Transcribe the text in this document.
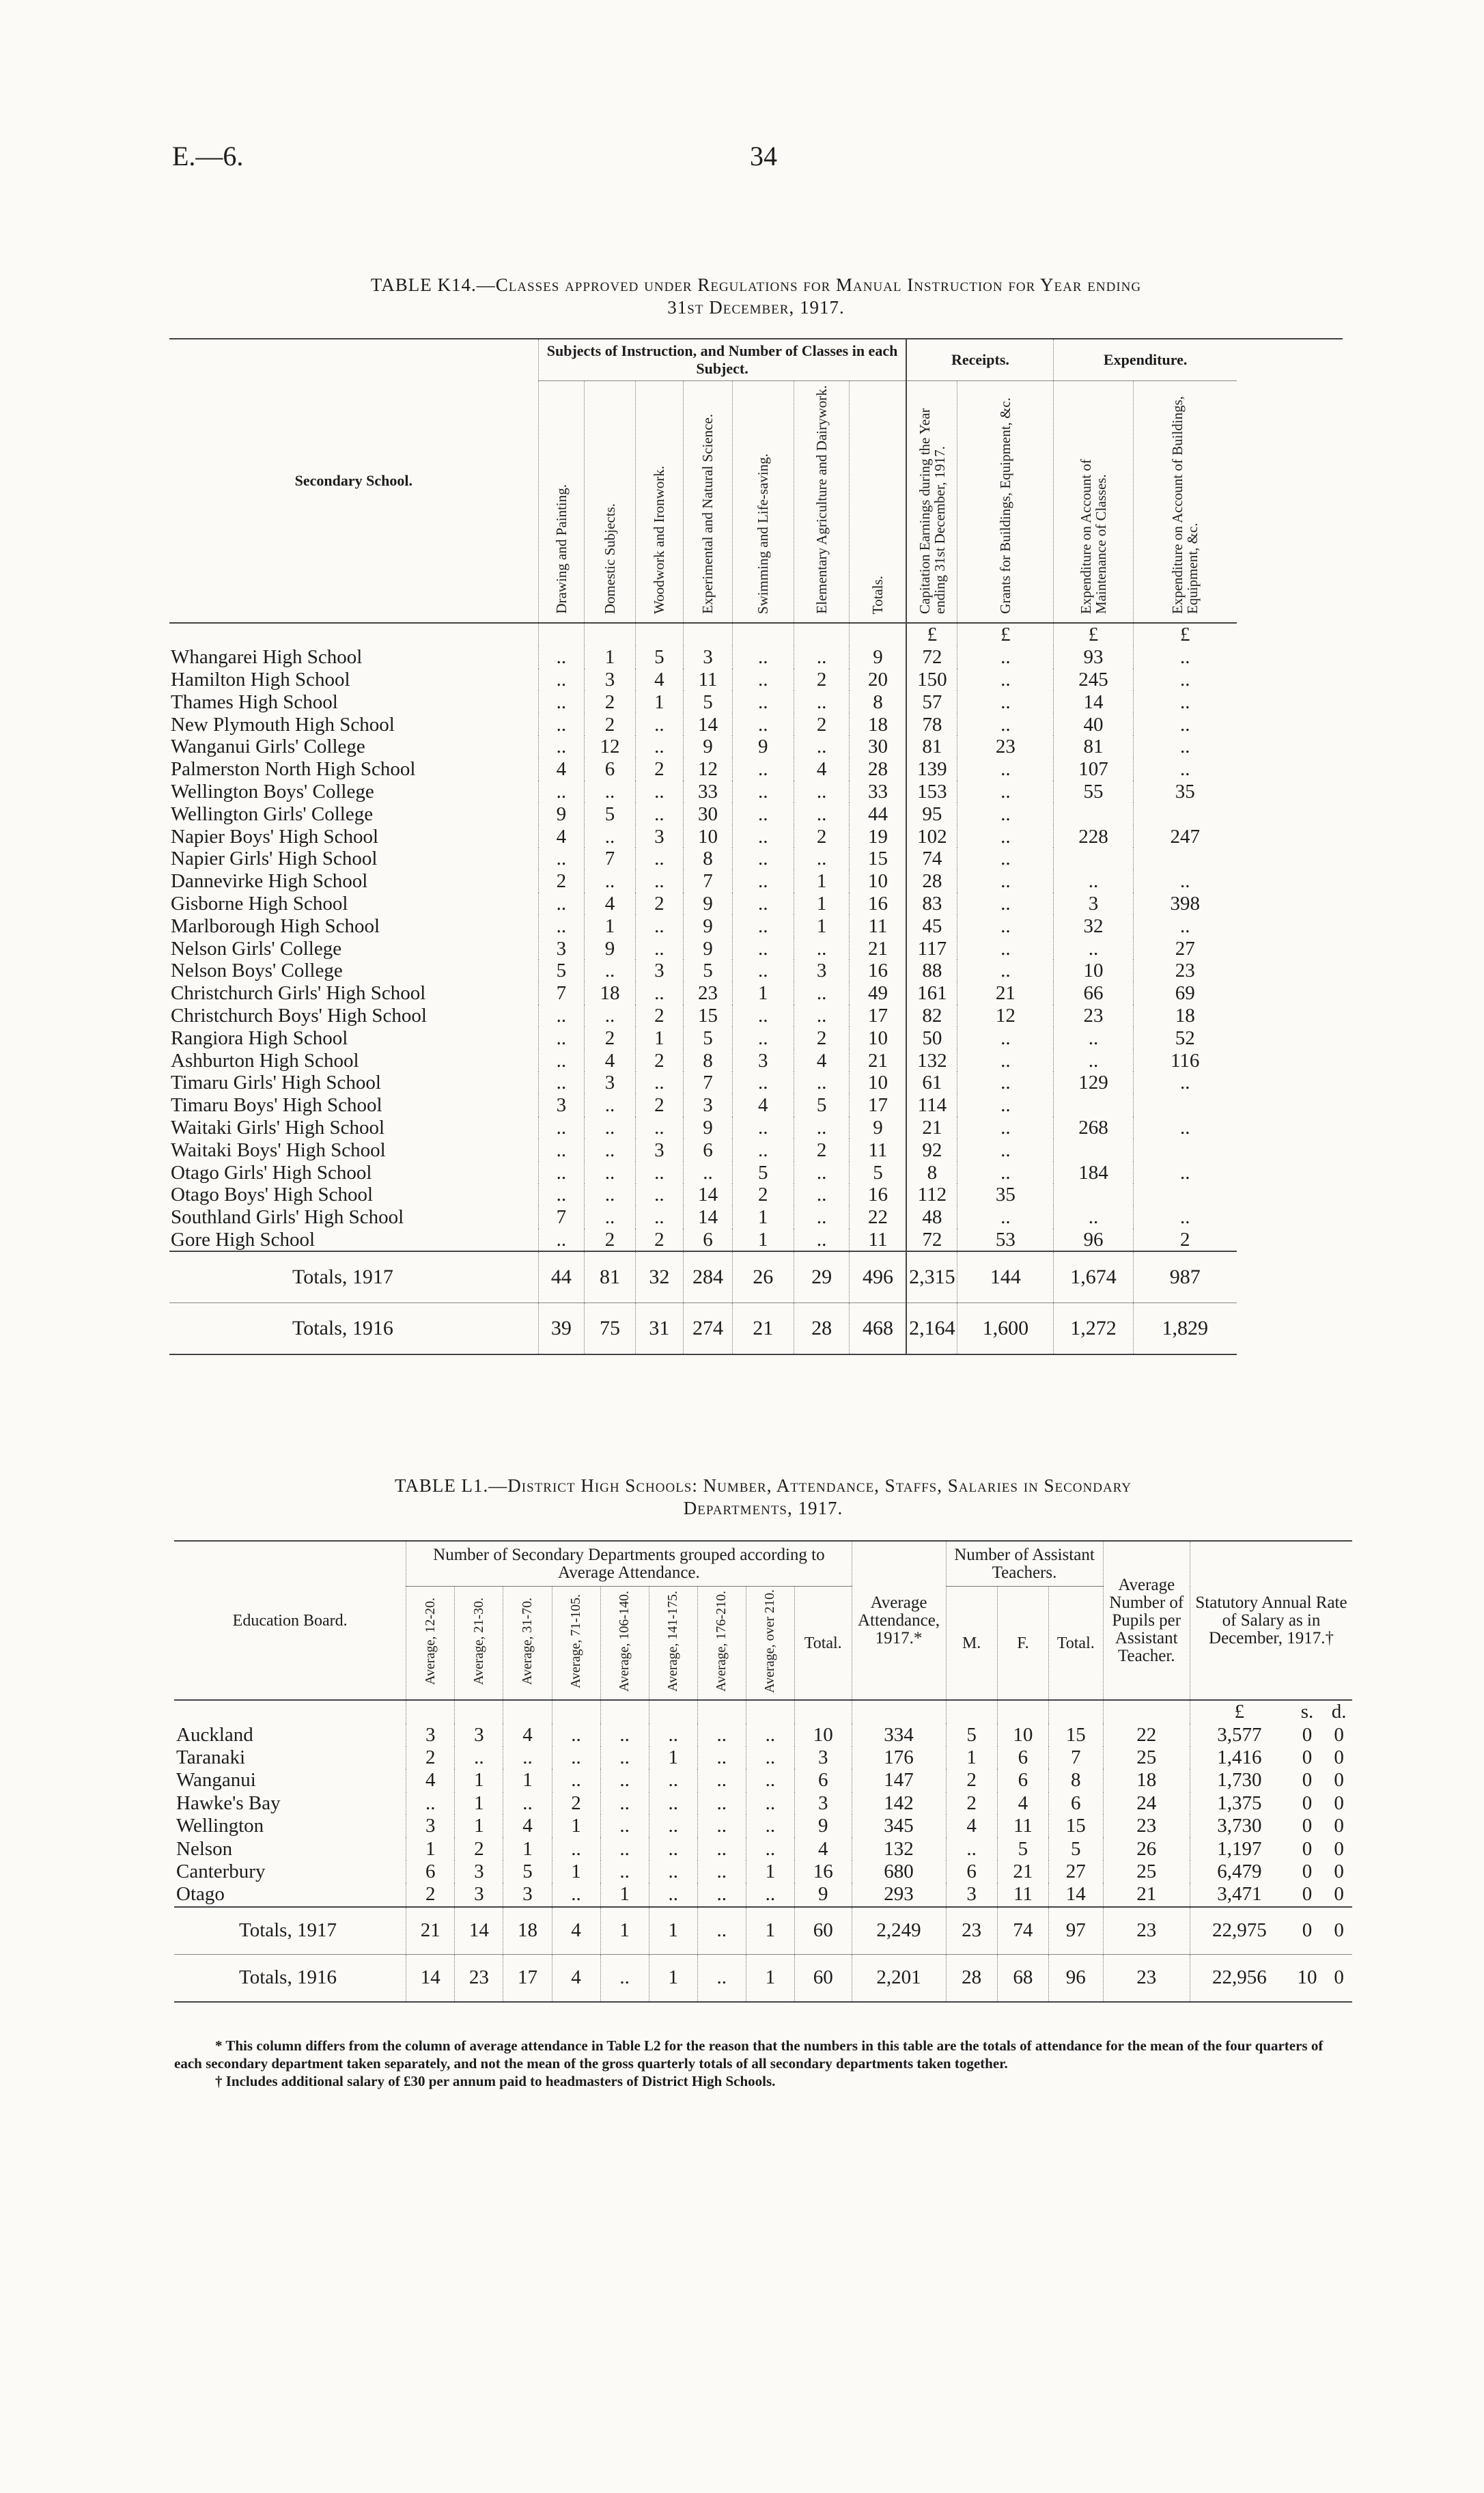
E.—6.	34
TABLE K14.—Classes approved under Regulations for Manual Instruction for Year ending
31st December, 1917.
Secondary School.	Subjects of Instruction, and Number of Classes in each Subject.							Receipts.		Expenditure.	
	Drawing and Painting.	Domestic Subjects.	Woodwork and Ironwork.	Experimental and Natural Science.	Swimming and Life-saving.	Elementary Agriculture and Dairywork.	Totals.	Capitation Earnings during the Year ending 31st December, 1917.	Grants for Buildings, Equipment, &c.	Expenditure on Account of Maintenance of Classes.	Expenditure on Account of Buildings, Equipment, &c.
								£	£	£	£
Whangarei High School	..	1	5	3	..	..	9	72	..	93	..
Hamilton High School	..	3	4	11	..	2	20	150	..	245	..
Thames High School	..	2	1	5	..	..	8	57	..	14	..
New Plymouth High School	..	2	..	14	..	2	18	78	..	40	..
Wanganui Girls' College	..	12	..	9	9	..	30	81	23	81	..
Palmerston North High School	4	6	2	12	..	4	28	139	..	107	..
Wellington Boys' College	..	..	..	33	..	..	33	153	..	55	35
Wellington Girls' College	9	5	..	30	..	..	44	95	..		
Napier Boys' High School	4	..	3	10	..	2	19	102	..	228	247
Napier Girls' High School	..	7	..	8	..	..	15	74	..		
Dannevirke High School	2	..	..	7	..	1	10	28	..	..	..
Gisborne High School	..	4	2	9	..	1	16	83	..	3	398
Marlborough High School	..	1	..	9	..	1	11	45	..	32	..
Nelson Girls' College	3	9	..	9	..	..	21	117	..	..	27
Nelson Boys' College	5	..	3	5	..	3	16	88	..	10	23
Christchurch Girls' High School	7	18	..	23	1	..	49	161	21	66	69
Christchurch Boys' High School	..	..	2	15	..	..	17	82	12	23	18
Rangiora High School	..	2	1	5	..	2	10	50	..	..	52
Ashburton High School	..	4	2	8	3	4	21	132	..	..	116
Timaru Girls' High School	..	3	..	7	..	..	10	61	..	129	..
Timaru Boys' High School	3	..	2	3	4	5	17	114	..		
Waitaki Girls' High School	..	..	..	9	..	..	9	21	..	268	..
Waitaki Boys' High School	..	..	3	6	..	2	11	92	..		
Otago Girls' High School	..	..	..	..	5	..	5	8	..	184	..
Otago Boys' High School	..	..	..	14	2	..	16	112	35		
Southland Girls' High School	7	..	..	14	1	..	22	48	..	..	..
Gore High School	..	2	2	6	1	..	11	72	53	96	2
Totals, 1917	44	81	32	284	26	29	496	2,315	144	1,674	987
Totals, 1916	39	75	31	274	21	28	468	2,164	1,600	1,272	1,829
TABLE L1.—District High Schools: Number, Attendance, Staffs, Salaries in Secondary
Departments, 1917.
Education Board.	Number of Secondary Departments grouped according to Average Attendance.									Average Attendance, 1917.*	Number of Assistant Teachers.			Average Number of Pupils per Assistant Teacher.	Statutory Annual Rate of Salary as in December, 1917.†		
	Average, 12-20.	Average, 21-30.	Average, 31-70.	Average, 71-105.	Average, 106-140.	Average, 141-175.	Average, 176-210.	Average, over 210.	Total.		M.	F.	Total.				
															£	s.	d.
Auckland	3	3	4	..	..	..	..	..	10	334	5	10	15	22	3,577	0	0
Taranaki	2	..	..	..	..	1	..	..	3	176	1	6	7	25	1,416	0	0
Wanganui	4	1	1	..	..	..	..	..	6	147	2	6	8	18	1,730	0	0
Hawke's Bay	..	1	..	2	..	..	..	..	3	142	2	4	6	24	1,375	0	0
Wellington	3	1	4	1	..	..	..	..	9	345	4	11	15	23	3,730	0	0
Nelson	1	2	1	..	..	..	..	..	4	132	..	5	5	26	1,197	0	0
Canterbury	6	3	5	1	..	..	..	1	16	680	6	21	27	25	6,479	0	0
Otago	2	3	3	..	1	..	..	..	9	293	3	11	14	21	3,471	0	0
Totals, 1917	21	14	18	4	1	1	..	1	60	2,249	23	74	97	23	22,975	0	0
Totals, 1916	14	23	17	4	..	1	..	1	60	2,201	28	68	96	23	22,956	10	0
* This column differs from the column of average attendance in Table L2 for the reason that the numbers in this table are the totals of attendance for the mean of the four quarters of each secondary department taken separately, and not the mean of the gross quarterly totals of all secondary departments taken together.
† Includes additional salary of £30 per annum paid to headmasters of District High Schools.
